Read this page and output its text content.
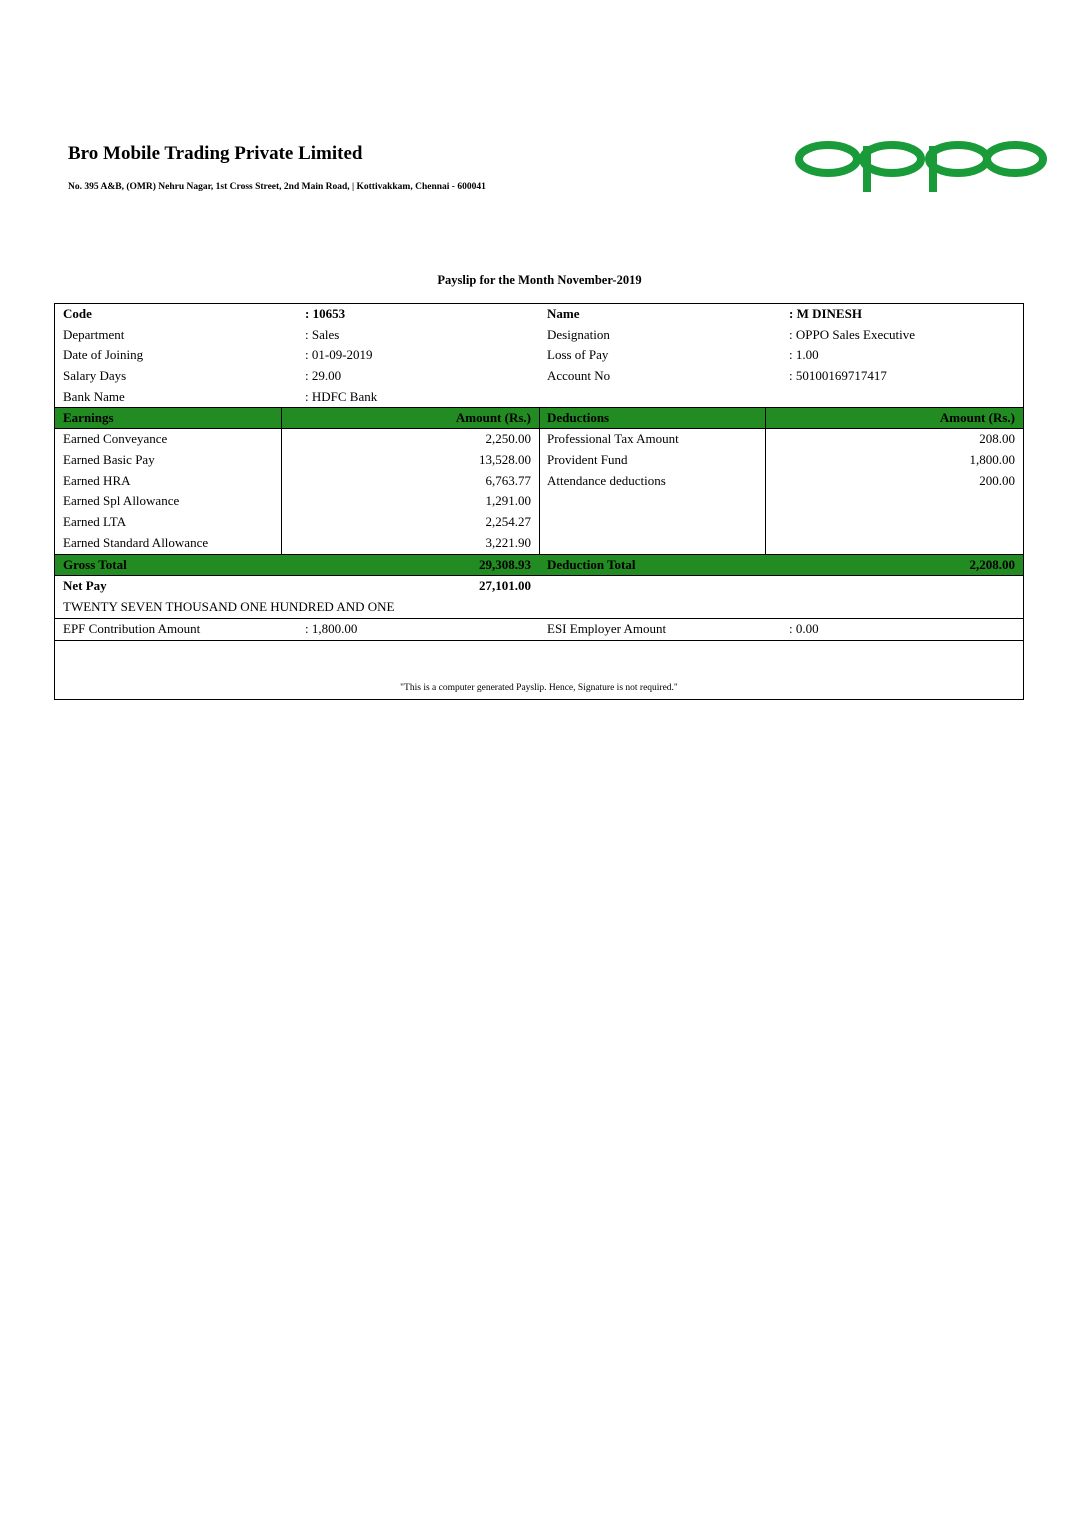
Bro Mobile Trading Private Limited
No. 395 A&B, (OMR) Nehru Nagar, 1st Cross Street, 2nd Main Road, | Kottivakkam, Chennai - 600041
Payslip for the Month November-2019
Code	: 10653	Name	: M DINESH
Department	: Sales	Designation	: OPPO Sales Executive
Date of Joining	: 01-09-2019	Loss of Pay	: 1.00
Salary Days	: 29.00	Account No	: 50100169717417
Bank Name	: HDFC Bank
Earnings	Amount (Rs.)	Deductions	Amount (Rs.)
Earned Conveyance	2,250.00	Professional Tax Amount	208.00
Earned Basic Pay	13,528.00	Provident Fund	1,800.00
Earned HRA	6,763.77	Attendance deductions	200.00
Earned Spl Allowance	1,291.00
Earned LTA	2,254.27
Earned Standard Allowance	3,221.90
Gross Total	29,308.93	Deduction Total	2,208.00
Net Pay	27,101.00
TWENTY SEVEN THOUSAND ONE HUNDRED AND ONE
EPF Contribution Amount	: 1,800.00	ESI Employer Amount	: 0.00
"This is a computer generated Payslip. Hence, Signature is not required."
